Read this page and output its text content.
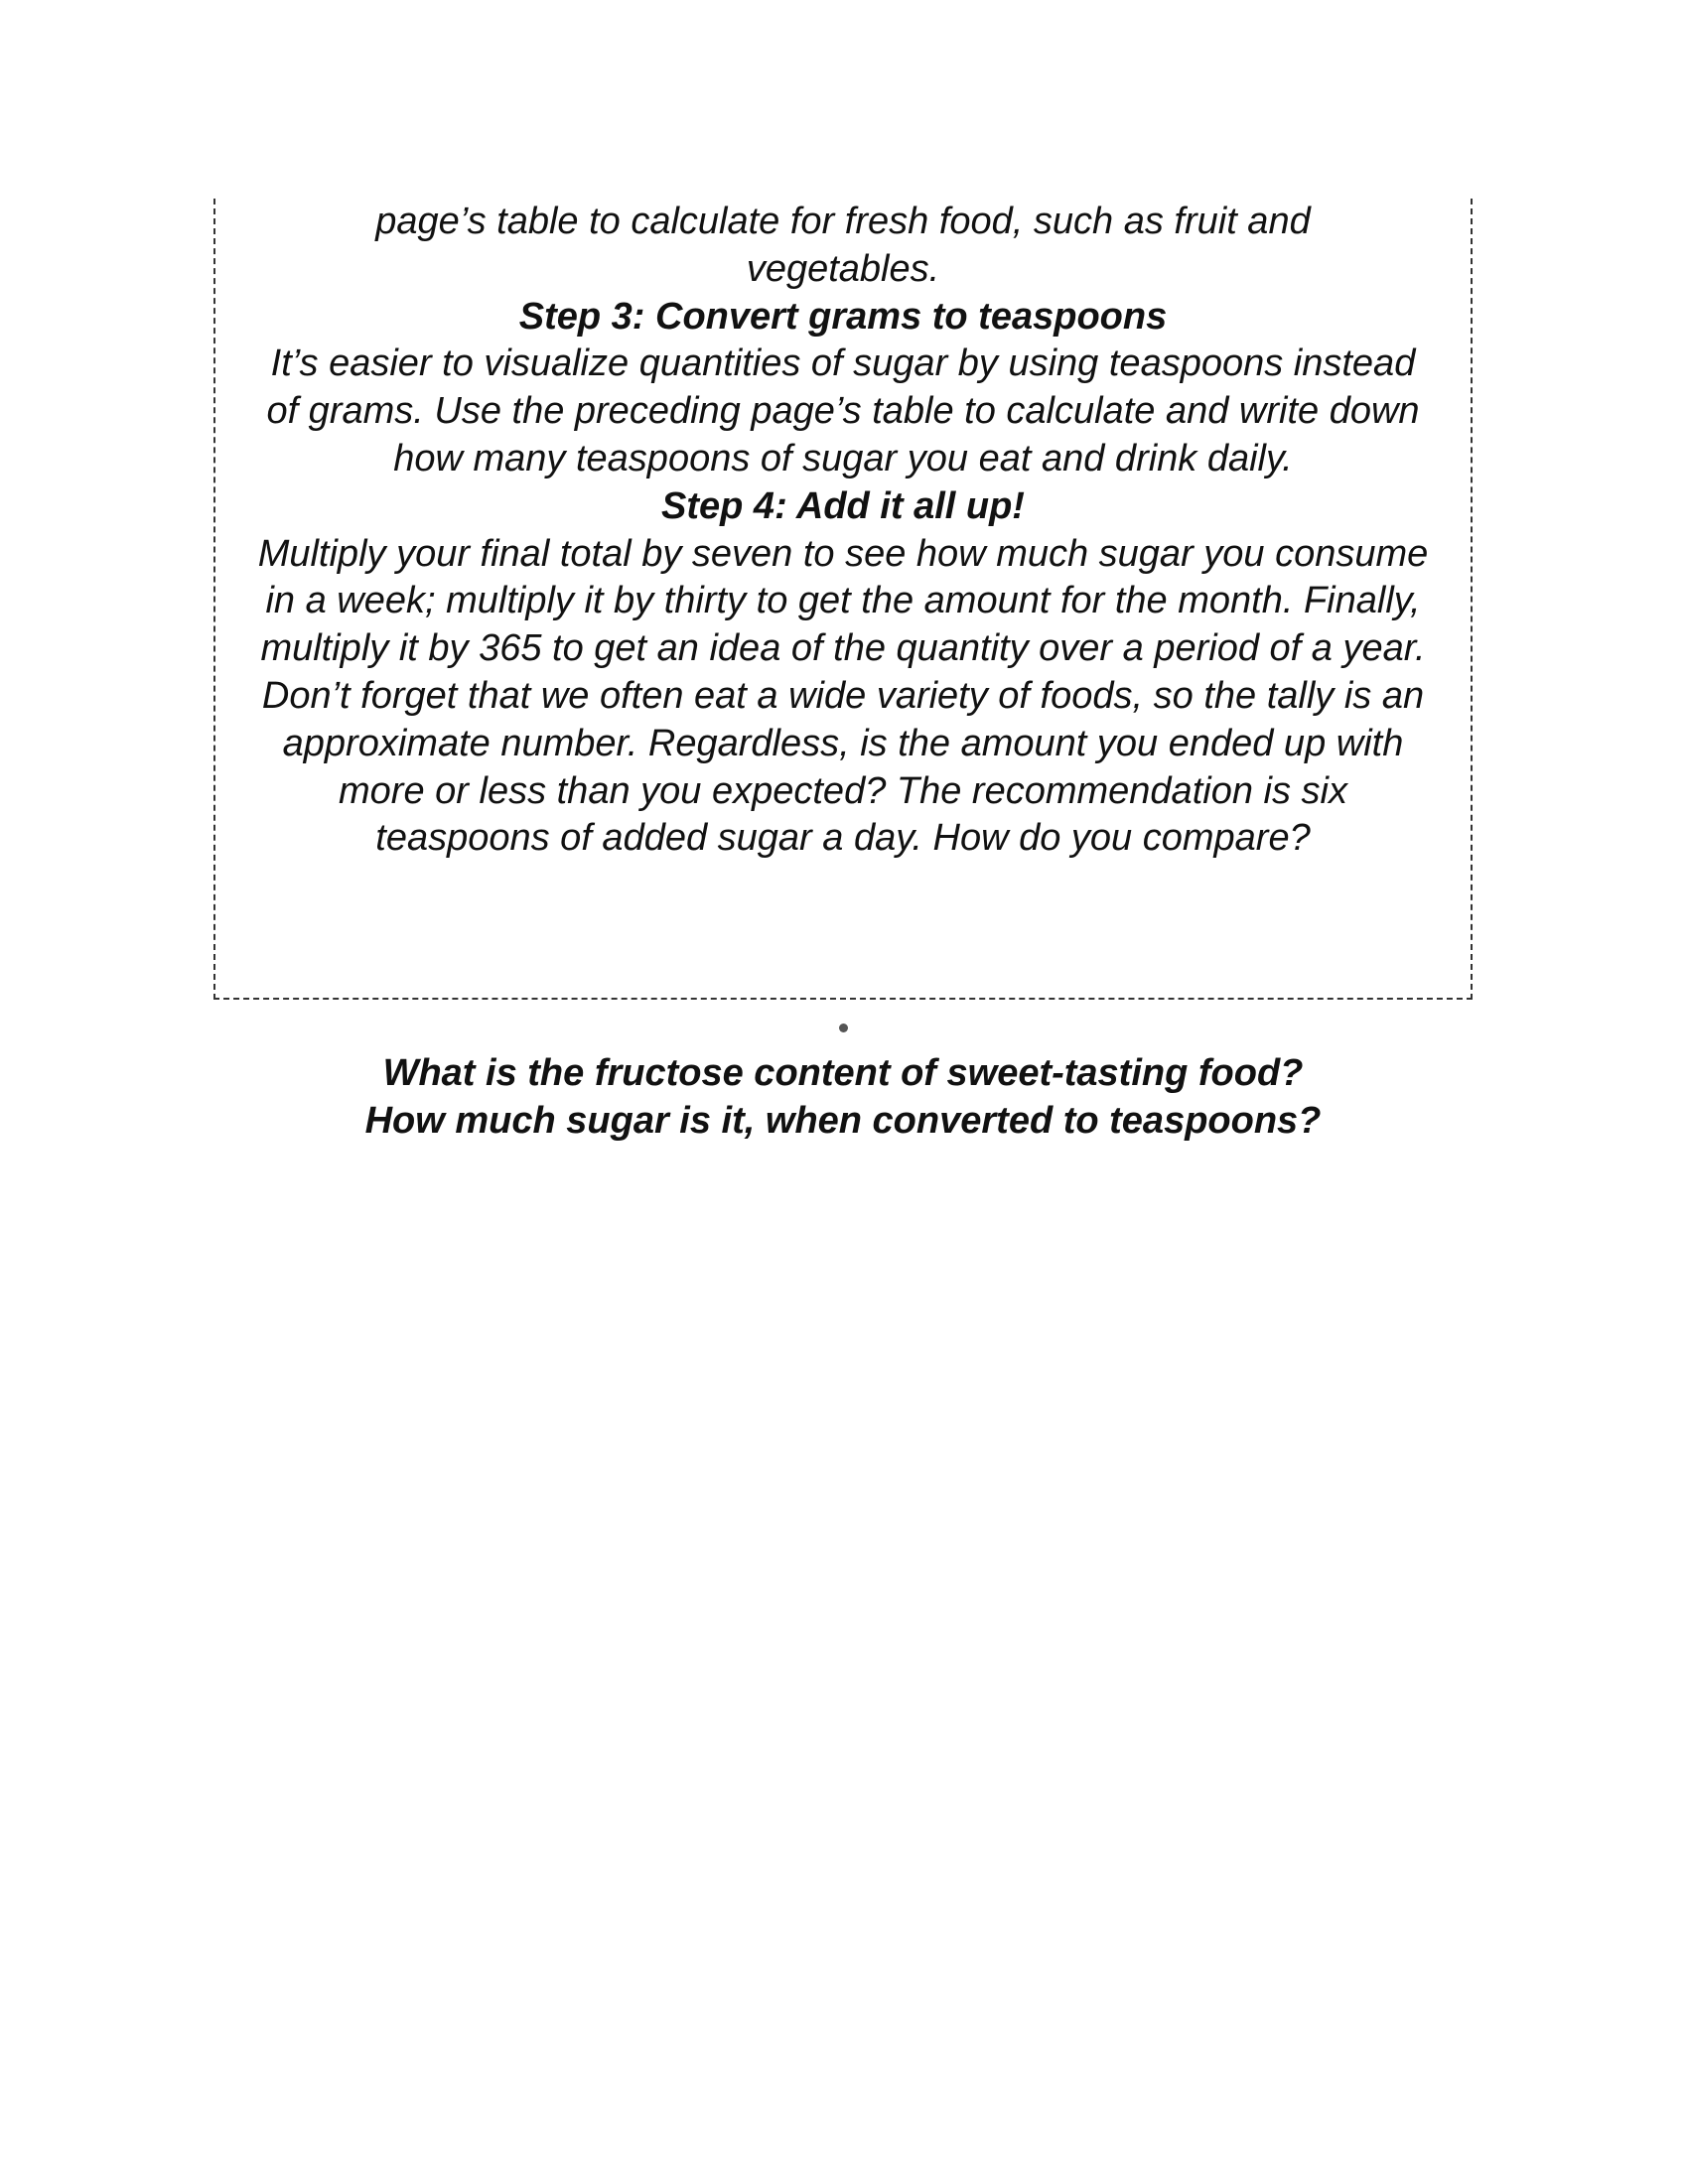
page’s table to calculate for fresh food, such as fruit and vegetables.

Step 3: Convert grams to teaspoons

It’s easier to visualize quantities of sugar by using teaspoons instead of grams. Use the preceding page’s table to calculate and write down how many teaspoons of sugar you eat and drink daily.

Step 4: Add it all up!

Multiply your final total by seven to see how much sugar you consume in a week; multiply it by thirty to get the amount for the month. Finally, multiply it by 365 to get an idea of the quantity over a period of a year. Don’t forget that we often eat a wide variety of foods, so the tally is an approximate number. Regardless, is the amount you ended up with more or less than you expected? The recommendation is six teaspoons of added sugar a day. How do you compare?

What is the fructose content of sweet-tasting food?

How much sugar is it, when converted to teaspoons?
